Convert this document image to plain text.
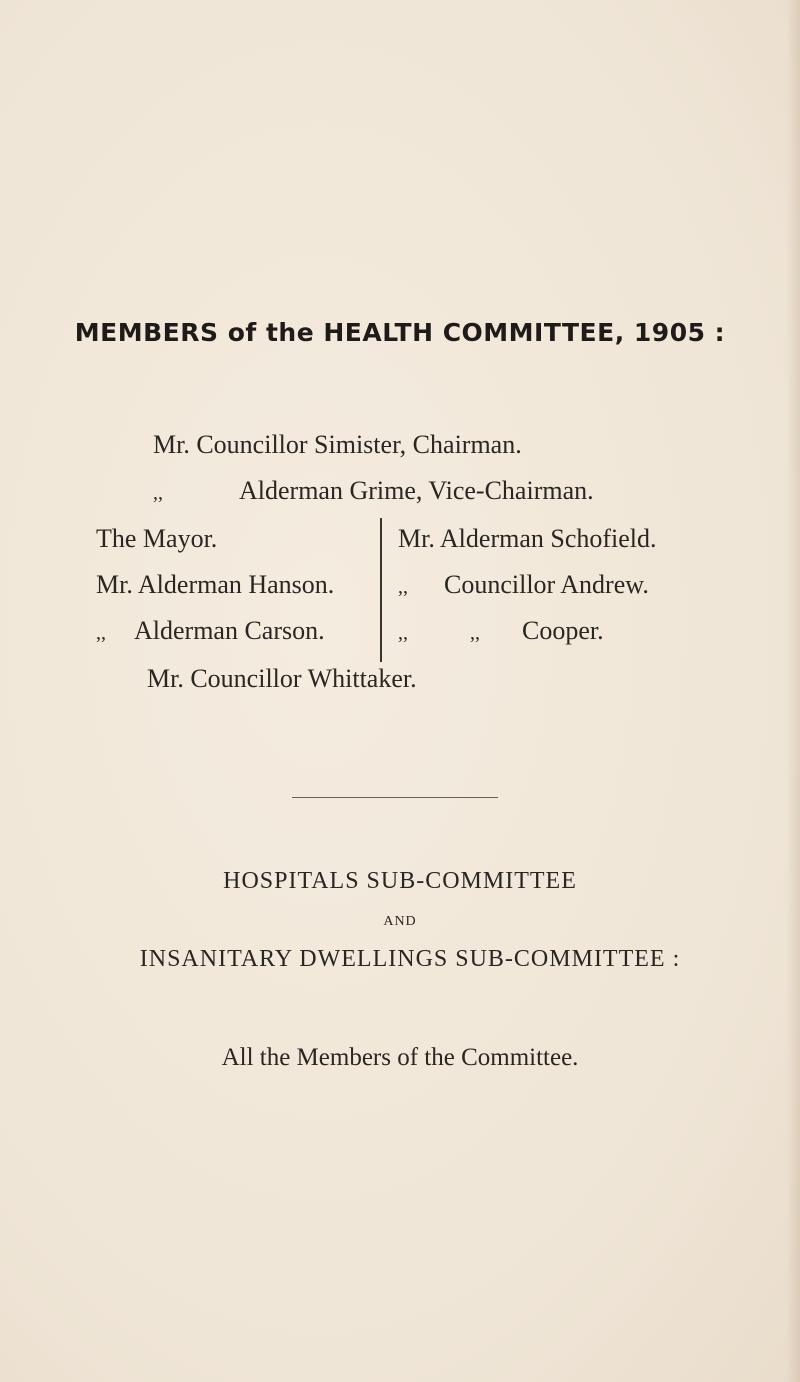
MEMBERS of the HEALTH COMMITTEE, 1905 :
Mr. Councillor Simister, Chairman.
,,	Alderman Grime, Vice-Chairman.
The Mayor.
Mr. Alderman Hanson.
,, Alderman Carson.
Mr. Alderman Schofield.
,, Councillor Andrew.
,,	,, Cooper.
Mr. Councillor Whittaker.
HOSPITALS SUB-COMMITTEE
AND
INSANITARY DWELLINGS SUB-COMMITTEE :
All the Members of the Committee.
